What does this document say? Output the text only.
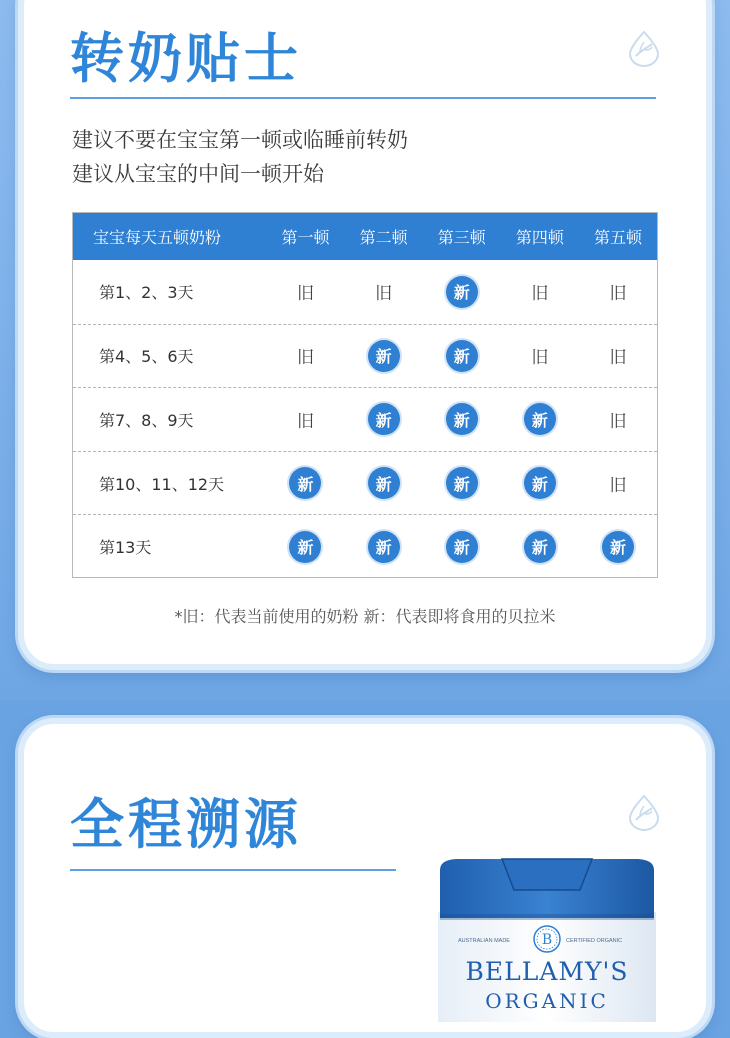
转奶贴士
建议不要在宝宝第一顿或临睡前转奶
建议从宝宝的中间一顿开始
宝宝每天五顿奶粉	第一顿	第二顿	第三顿	第四顿	第五顿
第1、2、3天	旧	旧	新	旧	旧
第4、5、6天	旧	新	新	旧	旧
第7、8、9天	旧	新	新	新	旧
第10、11、12天	新	新	新	新	旧
第13天	新	新	新	新	新
*旧：代表当前使用的奶粉 新：代表即将食用的贝拉米
全程溯源
B
AUSTRALIAN MADE	CERTIFIED ORGANIC
BELLAMY'S
ORGANIC
